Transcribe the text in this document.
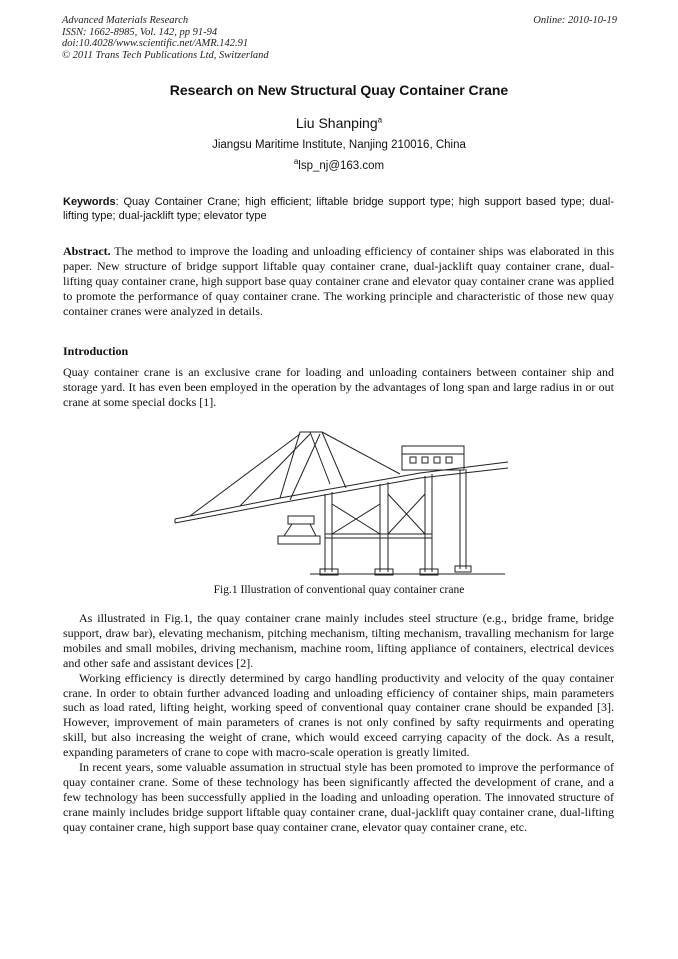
Advanced Materials Research
ISSN: 1662-8985, Vol. 142, pp 91-94
doi:10.4028/www.scientific.net/AMR.142.91
© 2011 Trans Tech Publications Ltd, Switzerland
Online: 2010-10-19
Research on New Structural Quay Container Crane
Liu Shanping$^a$
Jiangsu Maritime Institute, Nanjing 210016, China
$^a$lsp_nj@163.com
Keywords: Quay Container Crane; high efficient; liftable bridge support type; high support based type; dual-lifting type; dual-jacklift type; elevator type

Abstract. The method to improve the loading and unloading efficiency of container ships was elaborated in this paper. New structure of bridge support liftable quay container crane, dual-jacklift quay container crane, dual-lifting quay container crane, high support base quay container crane and elevator quay container crane was applied to promote the performance of quay container crane. The working principle and characteristic of those new quay container cranes were analyzed in details.

Introduction

Quay container crane is an exclusive crane for loading and unloading containers between container ship and storage yard. It has even been employed in the operation by the advantages of long span and large radius in or out crane at some special docks [1].

Fig.1 Illustration of conventional quay container crane

As illustrated in Fig.1, the quay container crane mainly includes steel structure (e.g., bridge frame, bridge support, draw bar), elevating mechanism, pitching mechanism, tilting mechanism, travalling mechanism for large mobiles and small mobiles, driving mechanism, machine room, lifting appliance of containers, electrical devices and other safe and assistant devices [2].

Working efficiency is directly determined by cargo handling productivity and velocity of the quay container crane. In order to obtain further advanced loading and unloading efficiency of container ships, main parameters such as load rated, lifting height, working speed of conventional quay container crane should be expanded [3]. However, improvement of main parameters of cranes is not only confined by safty requirments and operating skill, but also increasing the weight of crane, which would exceed carrying capacity of the dock. As a result, expanding parameters of crane to cope with macro-scale operation is greatly limited.

In recent years, some valuable assumation in structual style has been promoted to improve the performance of quay container crane. Some of these technology has been significantly affected the development of crane, and a few technology has been successfully applied in the loading and unloading operation. The innovated structure of crane mainly includes bridge support liftable quay container crane, dual-jacklift quay container crane, dual-lifting quay container crane, high support base quay container crane, elevator quay container crane, etc.
